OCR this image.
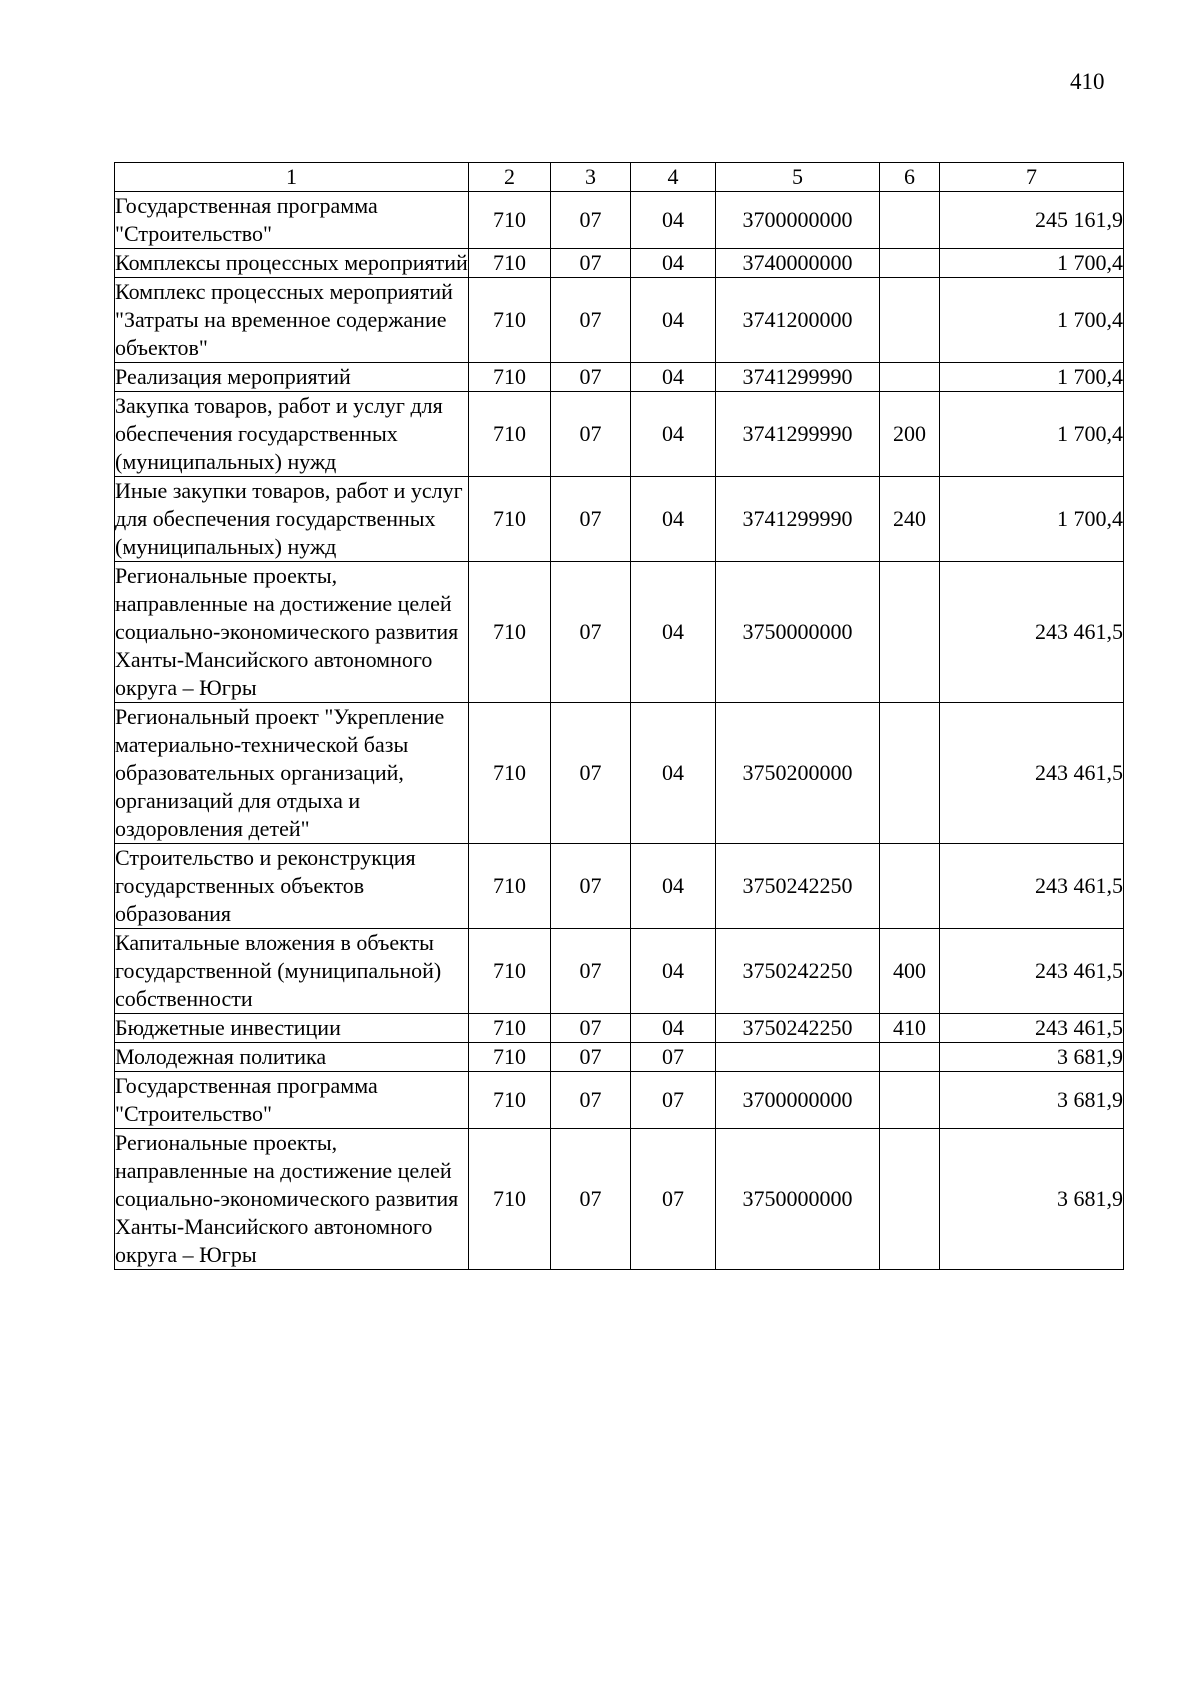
410
1	2	3	4	5	6	7
Государственная программа "Строительство"	710	07	04	3700000000		245 161,9
Комплексы процессных мероприятий	710	07	04	3740000000		1 700,4
Комплекс процессных мероприятий "Затраты на временное содержание объектов"	710	07	04	3741200000		1 700,4
Реализация мероприятий	710	07	04	3741299990		1 700,4
Закупка товаров, работ и услуг для обеспечения государственных (муниципальных) нужд	710	07	04	3741299990	200	1 700,4
Иные закупки товаров, работ и услуг для обеспечения государственных (муниципальных) нужд	710	07	04	3741299990	240	1 700,4
Региональные проекты, направленные на достижение целей социально-экономического развития Ханты-Мансийского автономного округа – Югры	710	07	04	3750000000		243 461,5
Региональный проект "Укрепление материально-технической базы образовательных организаций, организаций для отдыха и оздоровления детей"	710	07	04	3750200000		243 461,5
Строительство и реконструкция государственных объектов образования	710	07	04	3750242250		243 461,5
Капитальные вложения в объекты государственной (муниципальной) собственности	710	07	04	3750242250	400	243 461,5
Бюджетные инвестиции	710	07	04	3750242250	410	243 461,5
Молодежная политика	710	07	07			3 681,9
Государственная программа "Строительство"	710	07	07	3700000000		3 681,9
Региональные проекты, направленные на достижение целей социально-экономического развития Ханты-Мансийского автономного округа – Югры	710	07	07	3750000000		3 681,9
